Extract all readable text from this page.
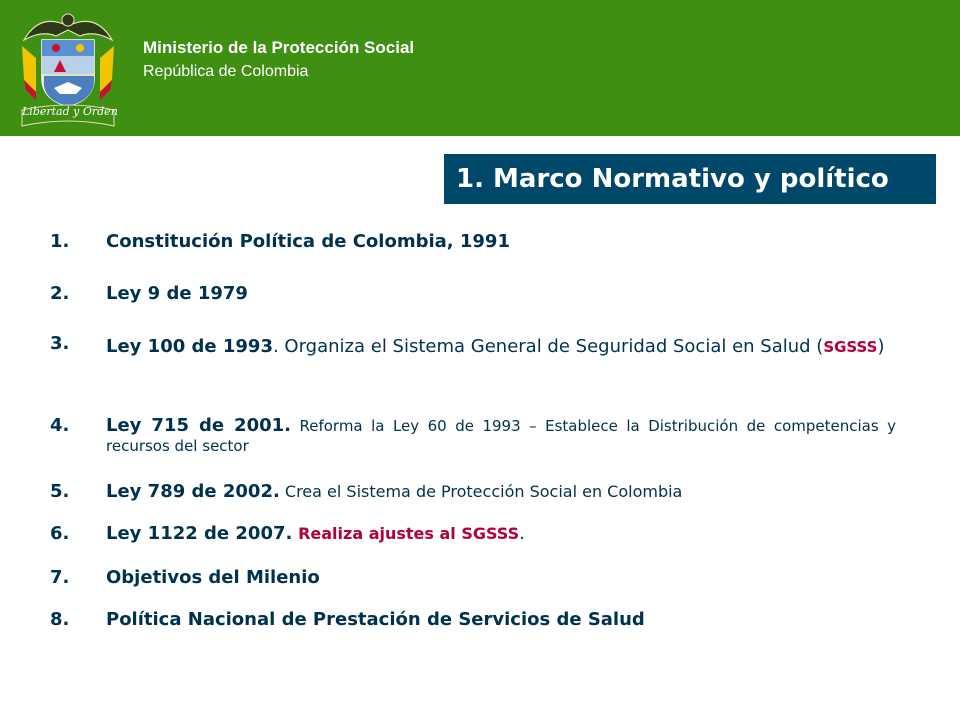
Libertad y Orden
Ministerio de la Protección Social
República de Colombia
1. Marco Normativo y político
1.	Constitución Política de Colombia, 1991
2.	Ley 9 de 1979
3.	Ley 100 de 1993. Organiza el Sistema General de Seguridad Social en Salud (SGSSS)
4.	Ley 715 de 2001. Reforma la Ley 60 de 1993 – Establece la Distribución de competencias y recursos del sector
5.	Ley 789 de 2002. Crea el Sistema de Protección Social en Colombia
6.	Ley 1122 de 2007. Realiza ajustes al SGSSS.
7.	Objetivos del Milenio
8.	Política Nacional de Prestación de Servicios de Salud
